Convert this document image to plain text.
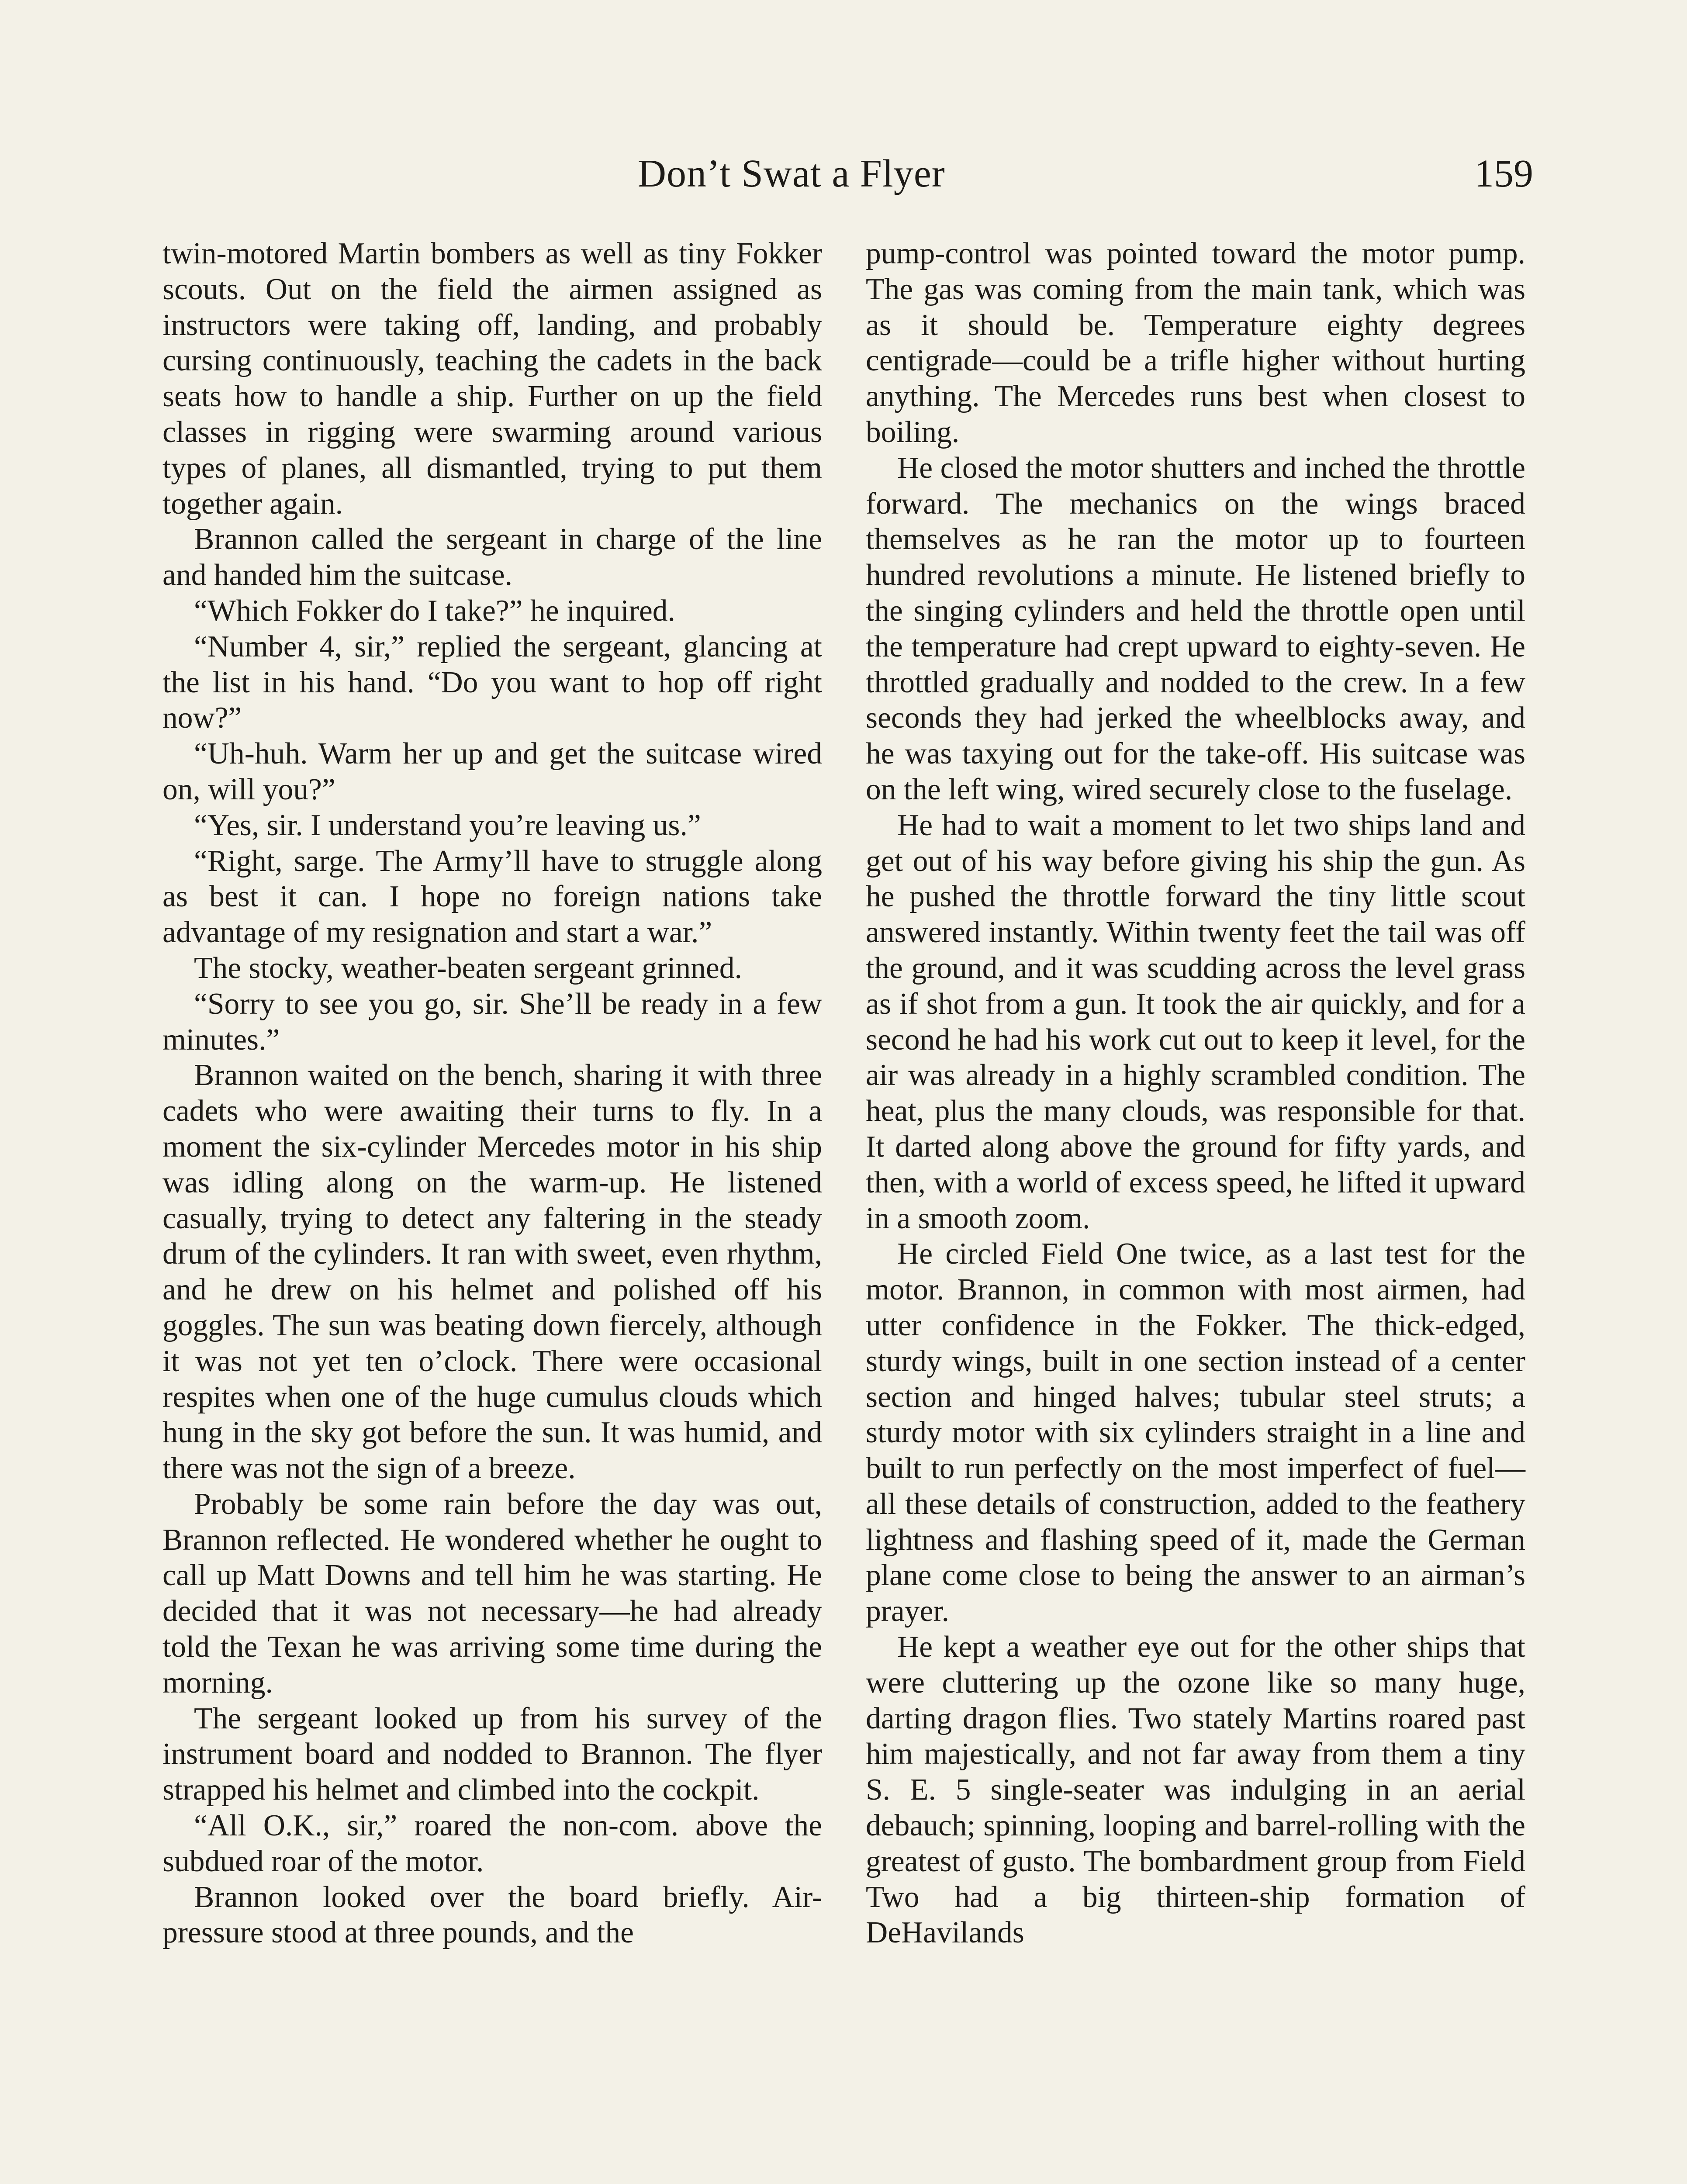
Don’t Swat a Flyer	159

twin-motored Martin bombers as well as tiny Fokker scouts. Out on the field the airmen assigned as instructors were taking off, landing, and probably cursing continuously, teaching the cadets in the back seats how to handle a ship. Further on up the field classes in rigging were swarming around various types of planes, all dismantled, trying to put them together again.

Brannon called the sergeant in charge of the line and handed him the suitcase.

“Which Fokker do I take?” he inquired.

“Number 4, sir,” replied the sergeant, glancing at the list in his hand. “Do you want to hop off right now?”

“Uh-huh. Warm her up and get the suitcase wired on, will you?”

“Yes, sir. I understand you’re leaving us.”

“Right, sarge. The Army’ll have to struggle along as best it can. I hope no foreign nations take advantage of my resignation and start a war.”

The stocky, weather-beaten sergeant grinned.

“Sorry to see you go, sir. She’ll be ready in a few minutes.”

Brannon waited on the bench, sharing it with three cadets who were awaiting their turns to fly. In a moment the six-cylinder Mercedes motor in his ship was idling along on the warm-up. He listened casually, trying to detect any faltering in the steady drum of the cylinders. It ran with sweet, even rhythm, and he drew on his helmet and polished off his goggles. The sun was beating down fiercely, although it was not yet ten o’clock. There were occasional respites when one of the huge cumulus clouds which hung in the sky got before the sun. It was humid, and there was not the sign of a breeze.

Probably be some rain before the day was out, Brannon reflected. He wondered whether he ought to call up Matt Downs and tell him he was starting. He decided that it was not necessary—he had already told the Texan he was arriving some time during the morning.

The sergeant looked up from his survey of the instrument board and nodded to Brannon. The flyer strapped his helmet and climbed into the cockpit.

“All O.K., sir,” roared the non-com. above the subdued roar of the motor.

Brannon looked over the board briefly. Air-pressure stood at three pounds, and the

pump-control was pointed toward the motor pump. The gas was coming from the main tank, which was as it should be. Temperature eighty degrees centigrade—could be a trifle higher without hurting anything. The Mercedes runs best when closest to boiling.

He closed the motor shutters and inched the throttle forward. The mechanics on the wings braced themselves as he ran the motor up to fourteen hundred revolutions a minute. He listened briefly to the singing cylinders and held the throttle open until the temperature had crept upward to eighty-seven. He throttled gradually and nodded to the crew. In a few seconds they had jerked the wheelblocks away, and he was taxying out for the take-off. His suitcase was on the left wing, wired securely close to the fuselage.

He had to wait a moment to let two ships land and get out of his way before giving his ship the gun. As he pushed the throttle forward the tiny little scout answered instantly. Within twenty feet the tail was off the ground, and it was scudding across the level grass as if shot from a gun. It took the air quickly, and for a second he had his work cut out to keep it level, for the air was already in a highly scrambled condition. The heat, plus the many clouds, was responsible for that. It darted along above the ground for fifty yards, and then, with a world of excess speed, he lifted it upward in a smooth zoom.

He circled Field One twice, as a last test for the motor. Brannon, in common with most airmen, had utter confidence in the Fokker. The thick-edged, sturdy wings, built in one section instead of a center section and hinged halves; tubular steel struts; a sturdy motor with six cylinders straight in a line and built to run perfectly on the most imperfect of fuel—all these details of construction, added to the feathery lightness and flashing speed of it, made the German plane come close to being the answer to an airman’s prayer.

He kept a weather eye out for the other ships that were cluttering up the ozone like so many huge, darting dragon flies. Two stately Martins roared past him majestically, and not far away from them a tiny S. E. 5 single-seater was indulging in an aerial debauch; spinning, looping and barrel-rolling with the greatest of gusto. The bombardment group from Field Two had a big thirteen-ship formation of DeHavilands
